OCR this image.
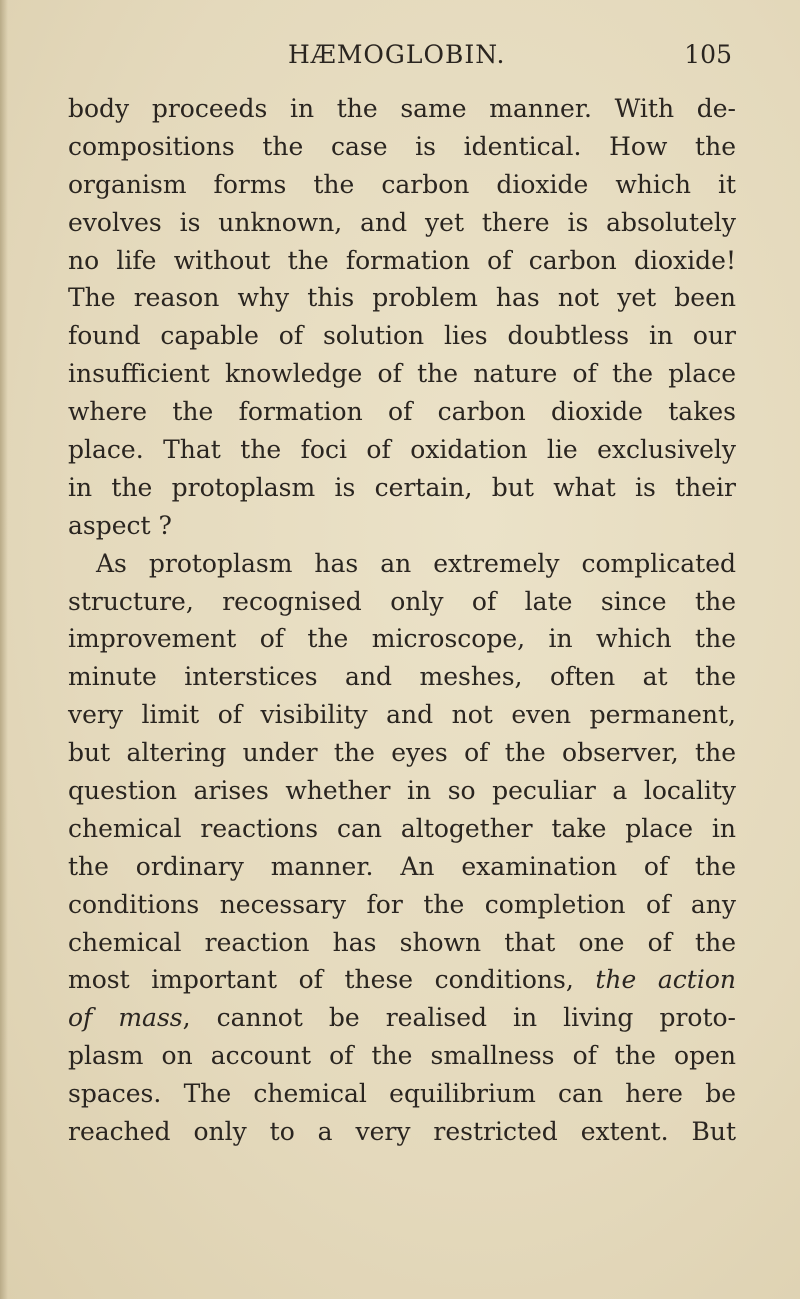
HÆMOGLOBIN.	105
body proceeds in the same manner. With de-
compositions the case is identical. How the
organism forms the carbon dioxide which it
evolves is unknown, and yet there is absolutely
no life without the formation of carbon dioxide!
The reason why this problem has not yet been
found capable of solution lies doubtless in our
insufficient knowledge of the nature of the place
where the formation of carbon dioxide takes
place. That the foci of oxidation lie exclusively
in the protoplasm is certain, but what is their
aspect ?
As protoplasm has an extremely complicated
structure, recognised only of late since the
improvement of the microscope, in which the
minute interstices and meshes, often at the
very limit of visibility and not even permanent,
but altering under the eyes of the observer, the
question arises whether in so peculiar a locality
chemical reactions can altogether take place in
the ordinary manner. An examination of the
conditions necessary for the completion of any
chemical reaction has shown that one of the
most important of these conditions, the action
of mass, cannot be realised in living proto-
plasm on account of the smallness of the open
spaces. The chemical equilibrium can here be
reached only to a very restricted extent. But
